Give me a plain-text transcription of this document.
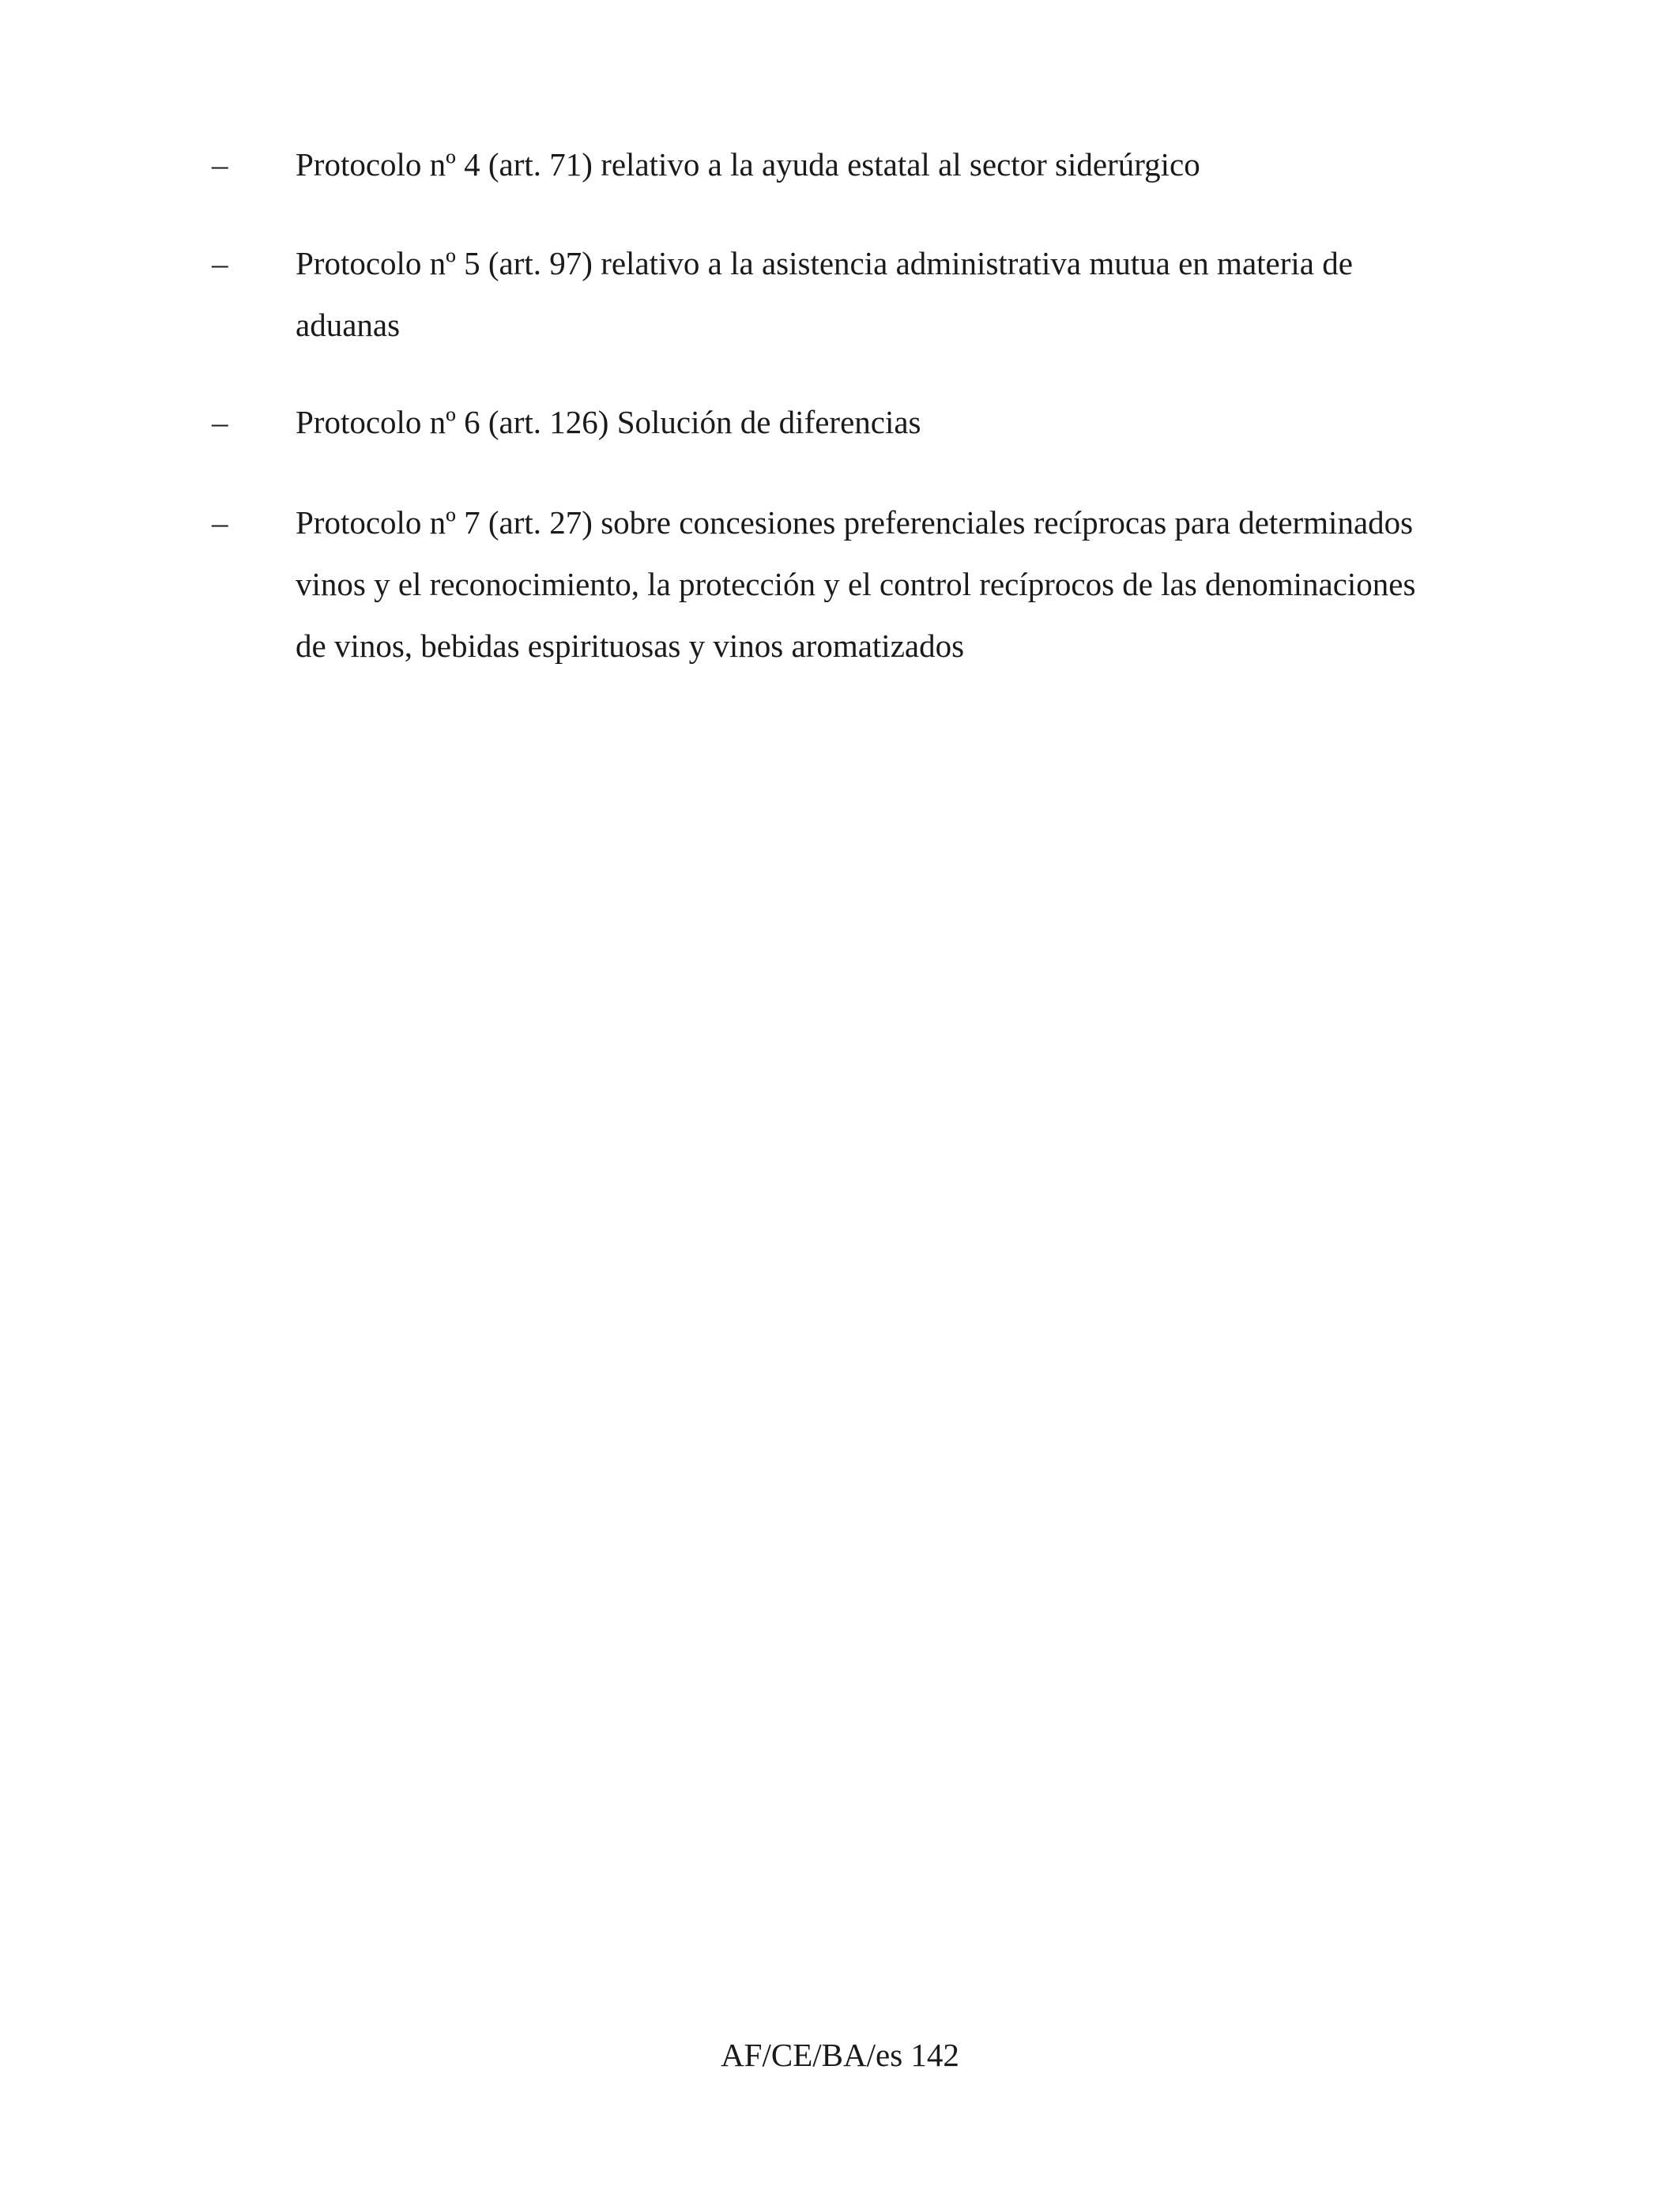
– Protocolo nº 4 (art. 71) relativo a la ayuda estatal al sector siderúrgico
– Protocolo nº 5 (art. 97) relativo a la asistencia administrativa mutua en materia de
aduanas
– Protocolo nº 6 (art. 126) Solución de diferencias
– Protocolo nº 7 (art. 27) sobre concesiones preferenciales recíprocas para determinados
vinos y el reconocimiento, la protección y el control recíprocos de las denominaciones
de vinos, bebidas espirituosas y vinos aromatizados
AF/CE/BA/es 142
